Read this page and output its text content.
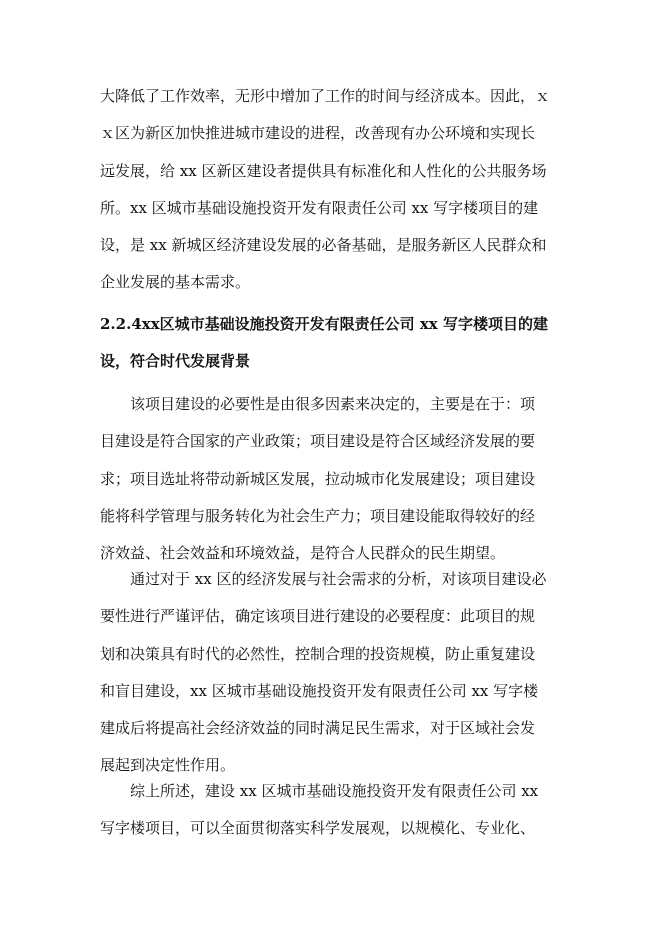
大降低了工作效率，无形中增加了工作的时间与经济成本。因此，ｘ
ｘ区为新区加快推进城市建设的进程，改善现有办公环境和实现长
远发展，给 xx 区新区建设者提供具有标准化和人性化的公共服务场
所。xx 区城市基础设施投资开发有限责任公司 xx 写字楼项目的建
设，是 xx 新城区经济建设发展的必备基础，是服务新区人民群众和
企业发展的基本需求。

2.2.4xx区城市基础设施投资开发有限责任公司 xx 写字楼项目的建
设，符合时代发展背景

　　该项目建设的必要性是由很多因素来决定的，主要是在于：项
目建设是符合国家的产业政策；项目建设是符合区域经济发展的要
求；项目选址将带动新城区发展，拉动城市化发展建设；项目建设
能将科学管理与服务转化为社会生产力；项目建设能取得较好的经
济效益、社会效益和环境效益，是符合人民群众的民生期望。

　　通过对于 xx 区的经济发展与社会需求的分析，对该项目建设必
要性进行严谨评估，确定该项目进行建设的必要程度：此项目的规
划和决策具有时代的必然性，控制合理的投资规模，防止重复建设
和盲目建设，xx 区城市基础设施投资开发有限责任公司 xx 写字楼
建成后将提高社会经济效益的同时满足民生需求，对于区域社会发
展起到决定性作用。

　　综上所述，建设 xx 区城市基础设施投资开发有限责任公司 xx
写字楼项目，可以全面贯彻落实科学发展观，以规模化、专业化、
